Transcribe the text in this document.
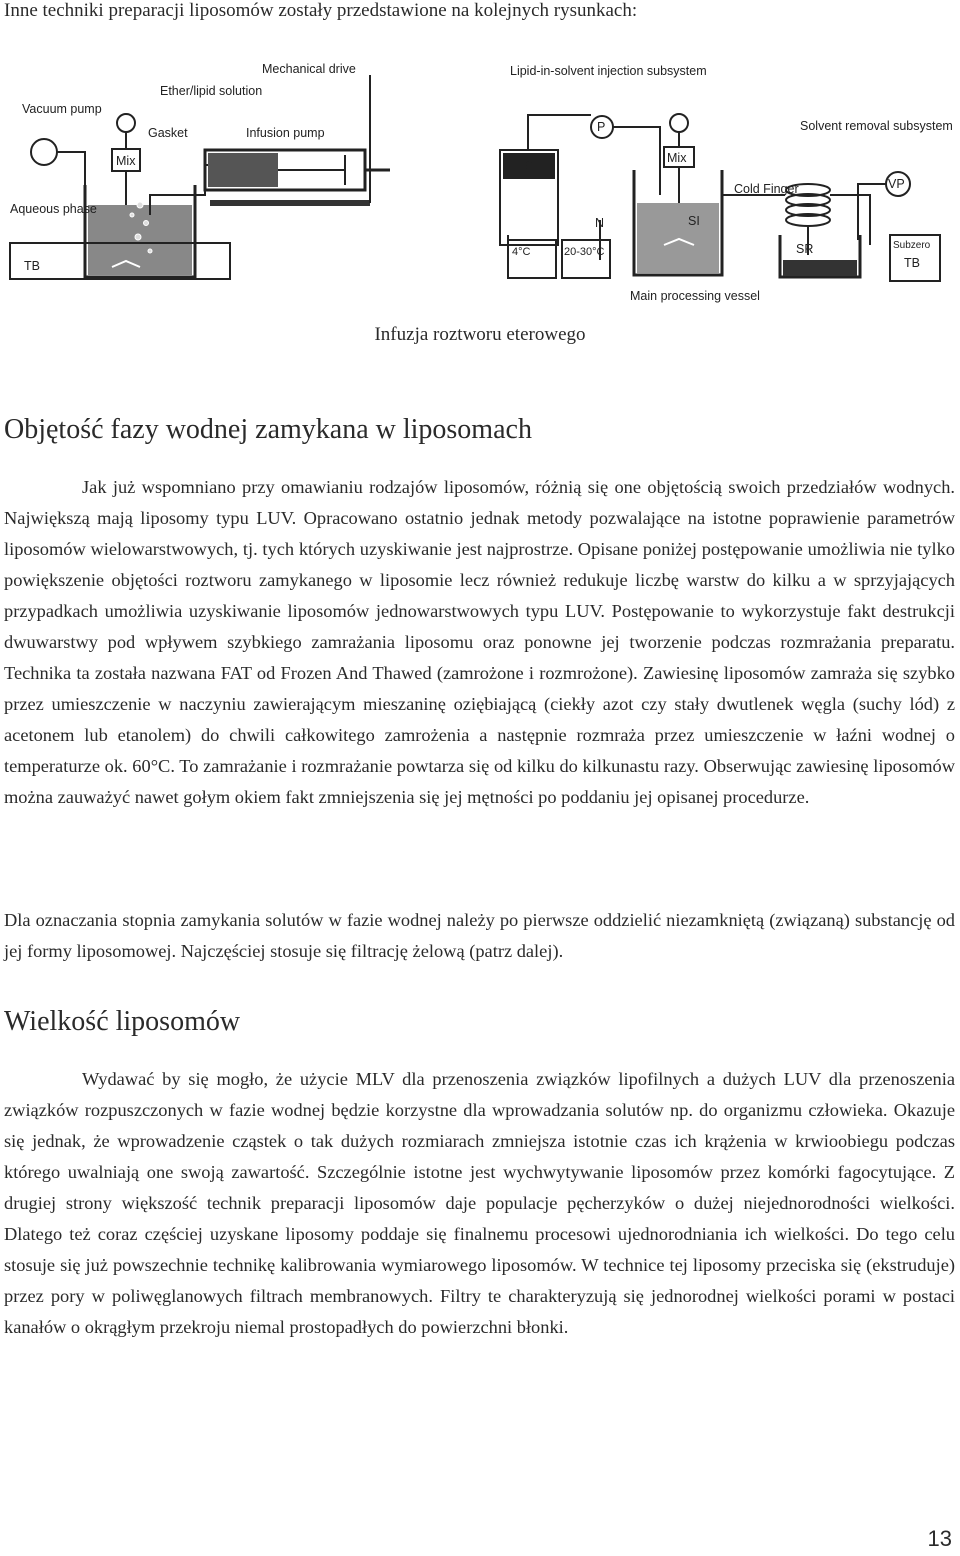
Inne techniki preparacji liposomów zostały przedstawione na kolejnych rysunkach:
Vacuum pump
Ether/lipid solution
Mechanical drive
Gasket	Infusion pump
Mix
Aqueous phase
TB
Lipid-in-solvent injection subsystem
Solvent removal subsystem
P
Mix
VP
Cold Finger
S
N	SI
SR	Subzero
TB
4°C	20-30°C
Main processing vessel
Infuzja roztworu eterowego
Objętość fazy wodnej zamykana w liposomach

Jak już wspomniano przy omawianiu rodzajów liposomów, różnią się one objętością swoich przedziałów wodnych. Największą mają liposomy typu LUV. Opracowano ostatnio jednak metody pozwalające na istotne poprawienie parametrów liposomów wielowarstwowych, tj. tych których uzyskiwanie jest najprostrze. Opisane poniżej postępowanie umożliwia nie tylko powiększenie objętości roztworu zamykanego w liposomie lecz również redukuje liczbę warstw do kilku a w sprzyjających przypadkach umożliwia uzyskiwanie liposomów jednowarstwowych typu LUV. Postępowanie to wykorzystuje fakt destrukcji dwuwarstwy pod wpływem szybkiego zamrażania liposomu oraz ponowne jej tworzenie podczas rozmrażania preparatu. Technika ta została nazwana FAT od Frozen And Thawed (zamrożone i rozmrożone). Zawiesinę liposomów zamraża się szybko przez umieszczenie w naczyniu zawierającym mieszaninę oziębiającą (ciekły azot czy stały dwutlenek węgla (suchy lód) z acetonem lub etanolem) do chwili całkowitego zamrożenia a następnie rozmraża przez umieszczenie w łaźni wodnej o temperaturze ok. 60°C. To zamrażanie i rozmrażanie powtarza się od kilku do kilkunastu razy. Obserwując zawiesinę liposomów można zauważyć nawet gołym okiem fakt zmniejszenia się jej mętności po poddaniu jej opisanej procedurze.

Dla oznaczania stopnia zamykania solutów w fazie wodnej należy po pierwsze oddzielić niezamkniętą (związaną) substancję od jej formy liposomowej. Najczęściej stosuje się filtrację żelową (patrz dalej).

Wielkość liposomów

Wydawać by się mogło, że użycie MLV dla przenoszenia związków lipofilnych a dużych LUV dla przenoszenia związków rozpuszczonych w fazie wodnej będzie korzystne dla wprowadzania solutów np. do organizmu człowieka. Okazuje się jednak, że wprowadzenie cząstek o tak dużych rozmiarach zmniejsza istotnie czas ich krążenia w krwioobiegu podczas którego uwalniają one swoją zawartość. Szczególnie istotne jest wychwytywanie liposomów przez komórki fagocytujące. Z drugiej strony większość technik preparacji liposomów daje populacje pęcherzyków o dużej niejednorodności wielkości. Dlatego też coraz częściej uzyskane liposomy poddaje się finalnemu procesowi ujednorodniania ich wielkości. Do tego celu stosuje się już powszechnie technikę kalibrowania wymiarowego liposomów. W technice tej liposomy przeciska się (ekstruduje) przez pory w poliwęglanowych filtrach membranowych. Filtry te charakteryzują się jednorodnej wielkości porami w postaci kanałów o okrągłym przekroju niemal prostopadłych do powierzchni błonki.

13
